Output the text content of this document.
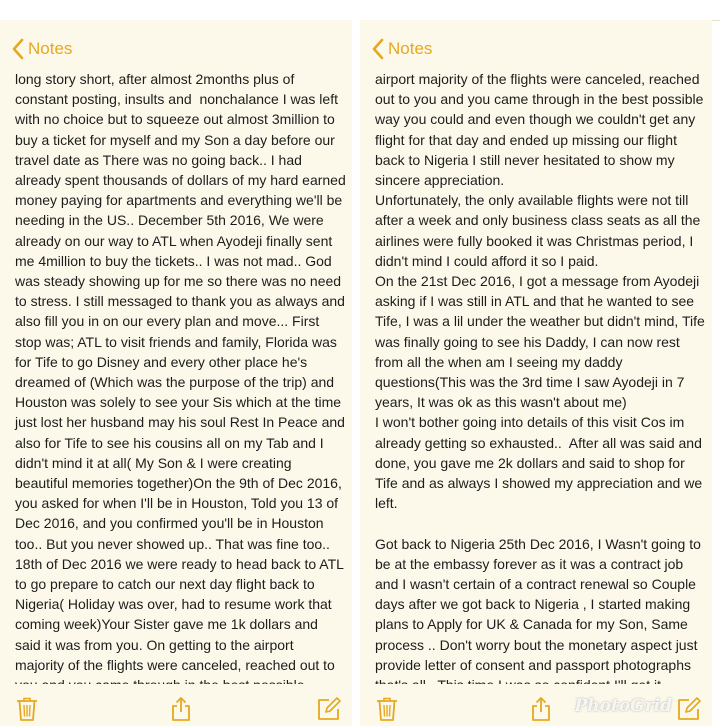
Notes
long story short, after almost 2months plus of constant posting, insults and  nonchalance I was left with no choice but to squeeze out almost 3million to buy a ticket for myself and my Son a day before our travel date as There was no going back.. I had already spent thousands of dollars of my hard earned money paying for apartments and everything we'll be needing in the US.. December 5th 2016, We were already on our way to ATL when Ayodeji finally sent me 4million to buy the tickets.. I was not mad.. God was steady showing up for me so there was no need to stress. I still messaged to thank you as always and also fill you in on our every plan and move... First stop was; ATL to visit friends and family, Florida was for Tife to go Disney and every other place he's dreamed of (Which was the purpose of the trip) and Houston was solely to see your Sis which at the time just lost her husband may his soul Rest In Peace and also for Tife to see his cousins all on my Tab and I didn't mind it at all( My Son & I were creating beautiful memories together)On the 9th of Dec 2016, you asked for when I'll be in Houston, Told you 13 of Dec 2016, and you confirmed you'll be in Houston too.. But you never showed up.. That was fine too.. 18th of Dec 2016 we were ready to head back to ATL to go prepare to catch our next day flight back to Nigeria( Holiday was over, had to resume work that coming week)Your Sister gave me 1k dollars and said it was from you. On getting to the airport majority of the flights were canceled, reached out to
Notes
airport majority of the flights were canceled, reached out to you and you came through in the best possible way you could and even though we couldn't get any flight for that day and ended up missing our flight back to Nigeria I still never hesitated to show my sincere appreciation.
Unfortunately, the only available flights were not till after a week and only business class seats as all the airlines were fully booked it was Christmas period, I didn't mind I could afford it so I paid.
On the 21st Dec 2016, I got a message from Ayodeji asking if I was still in ATL and that he wanted to see Tife, I was a lil under the weather but didn't mind, Tife was finally going to see his Daddy, I can now rest from all the when am I seeing my daddy questions(This was the 3rd time I saw Ayodeji in 7 years, It was ok as this wasn't about me)
I won't bother going into details of this visit Cos im already getting so exhausted..  After all was said and done, you gave me 2k dollars and said to shop for Tife and as always I showed my appreciation and we left.

Got back to Nigeria 25th Dec 2016, I Wasn't going to be at the embassy forever as it was a contract job and I wasn't certain of a contract renewal so Couple days after we got back to Nigeria , I started making plans to Apply for UK & Canada for my Son, Same process .. Don't worry bout the monetary aspect just provide letter of consent and passport photographs
PhotoGrid
